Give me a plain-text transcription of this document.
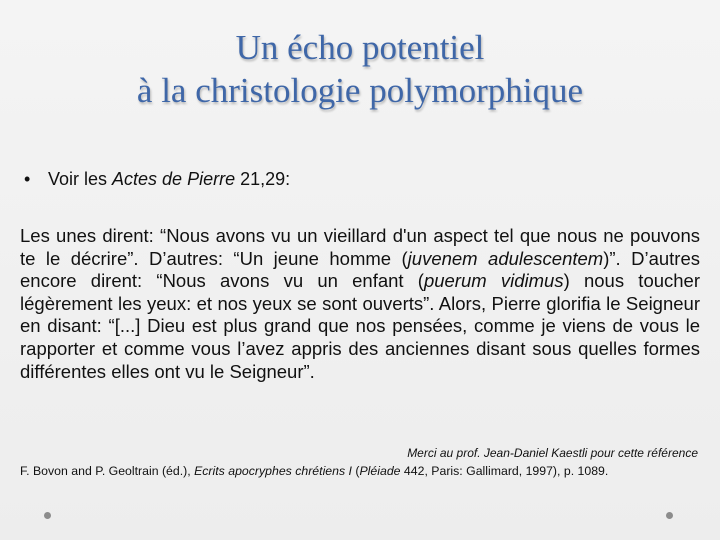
Un écho potentiel
à la christologie polymorphique
• Voir les Actes de Pierre 21,29:
Les unes dirent: “Nous avons vu un vieillard d'un aspect tel que nous ne pouvons te le décrire”. D’autres: “Un jeune homme (juvenem adulescentem)”. D’autres encore dirent: “Nous avons vu un enfant (puerum vidimus) nous toucher légèrement les yeux: et nos yeux se sont ouverts”. Alors, Pierre glorifia le Seigneur en disant: “[...] Dieu est plus grand que nos pensées, comme je viens de vous le rapporter et comme vous l’avez appris des anciennes disant sous quelles formes différentes elles ont vu le Seigneur”.
Merci au prof. Jean-Daniel Kaestli pour cette référence
F. Bovon and P. Geoltrain (éd.), Ecrits apocryphes chrétiens I (Pléiade 442, Paris: Gallimard, 1997), p. 1089.
